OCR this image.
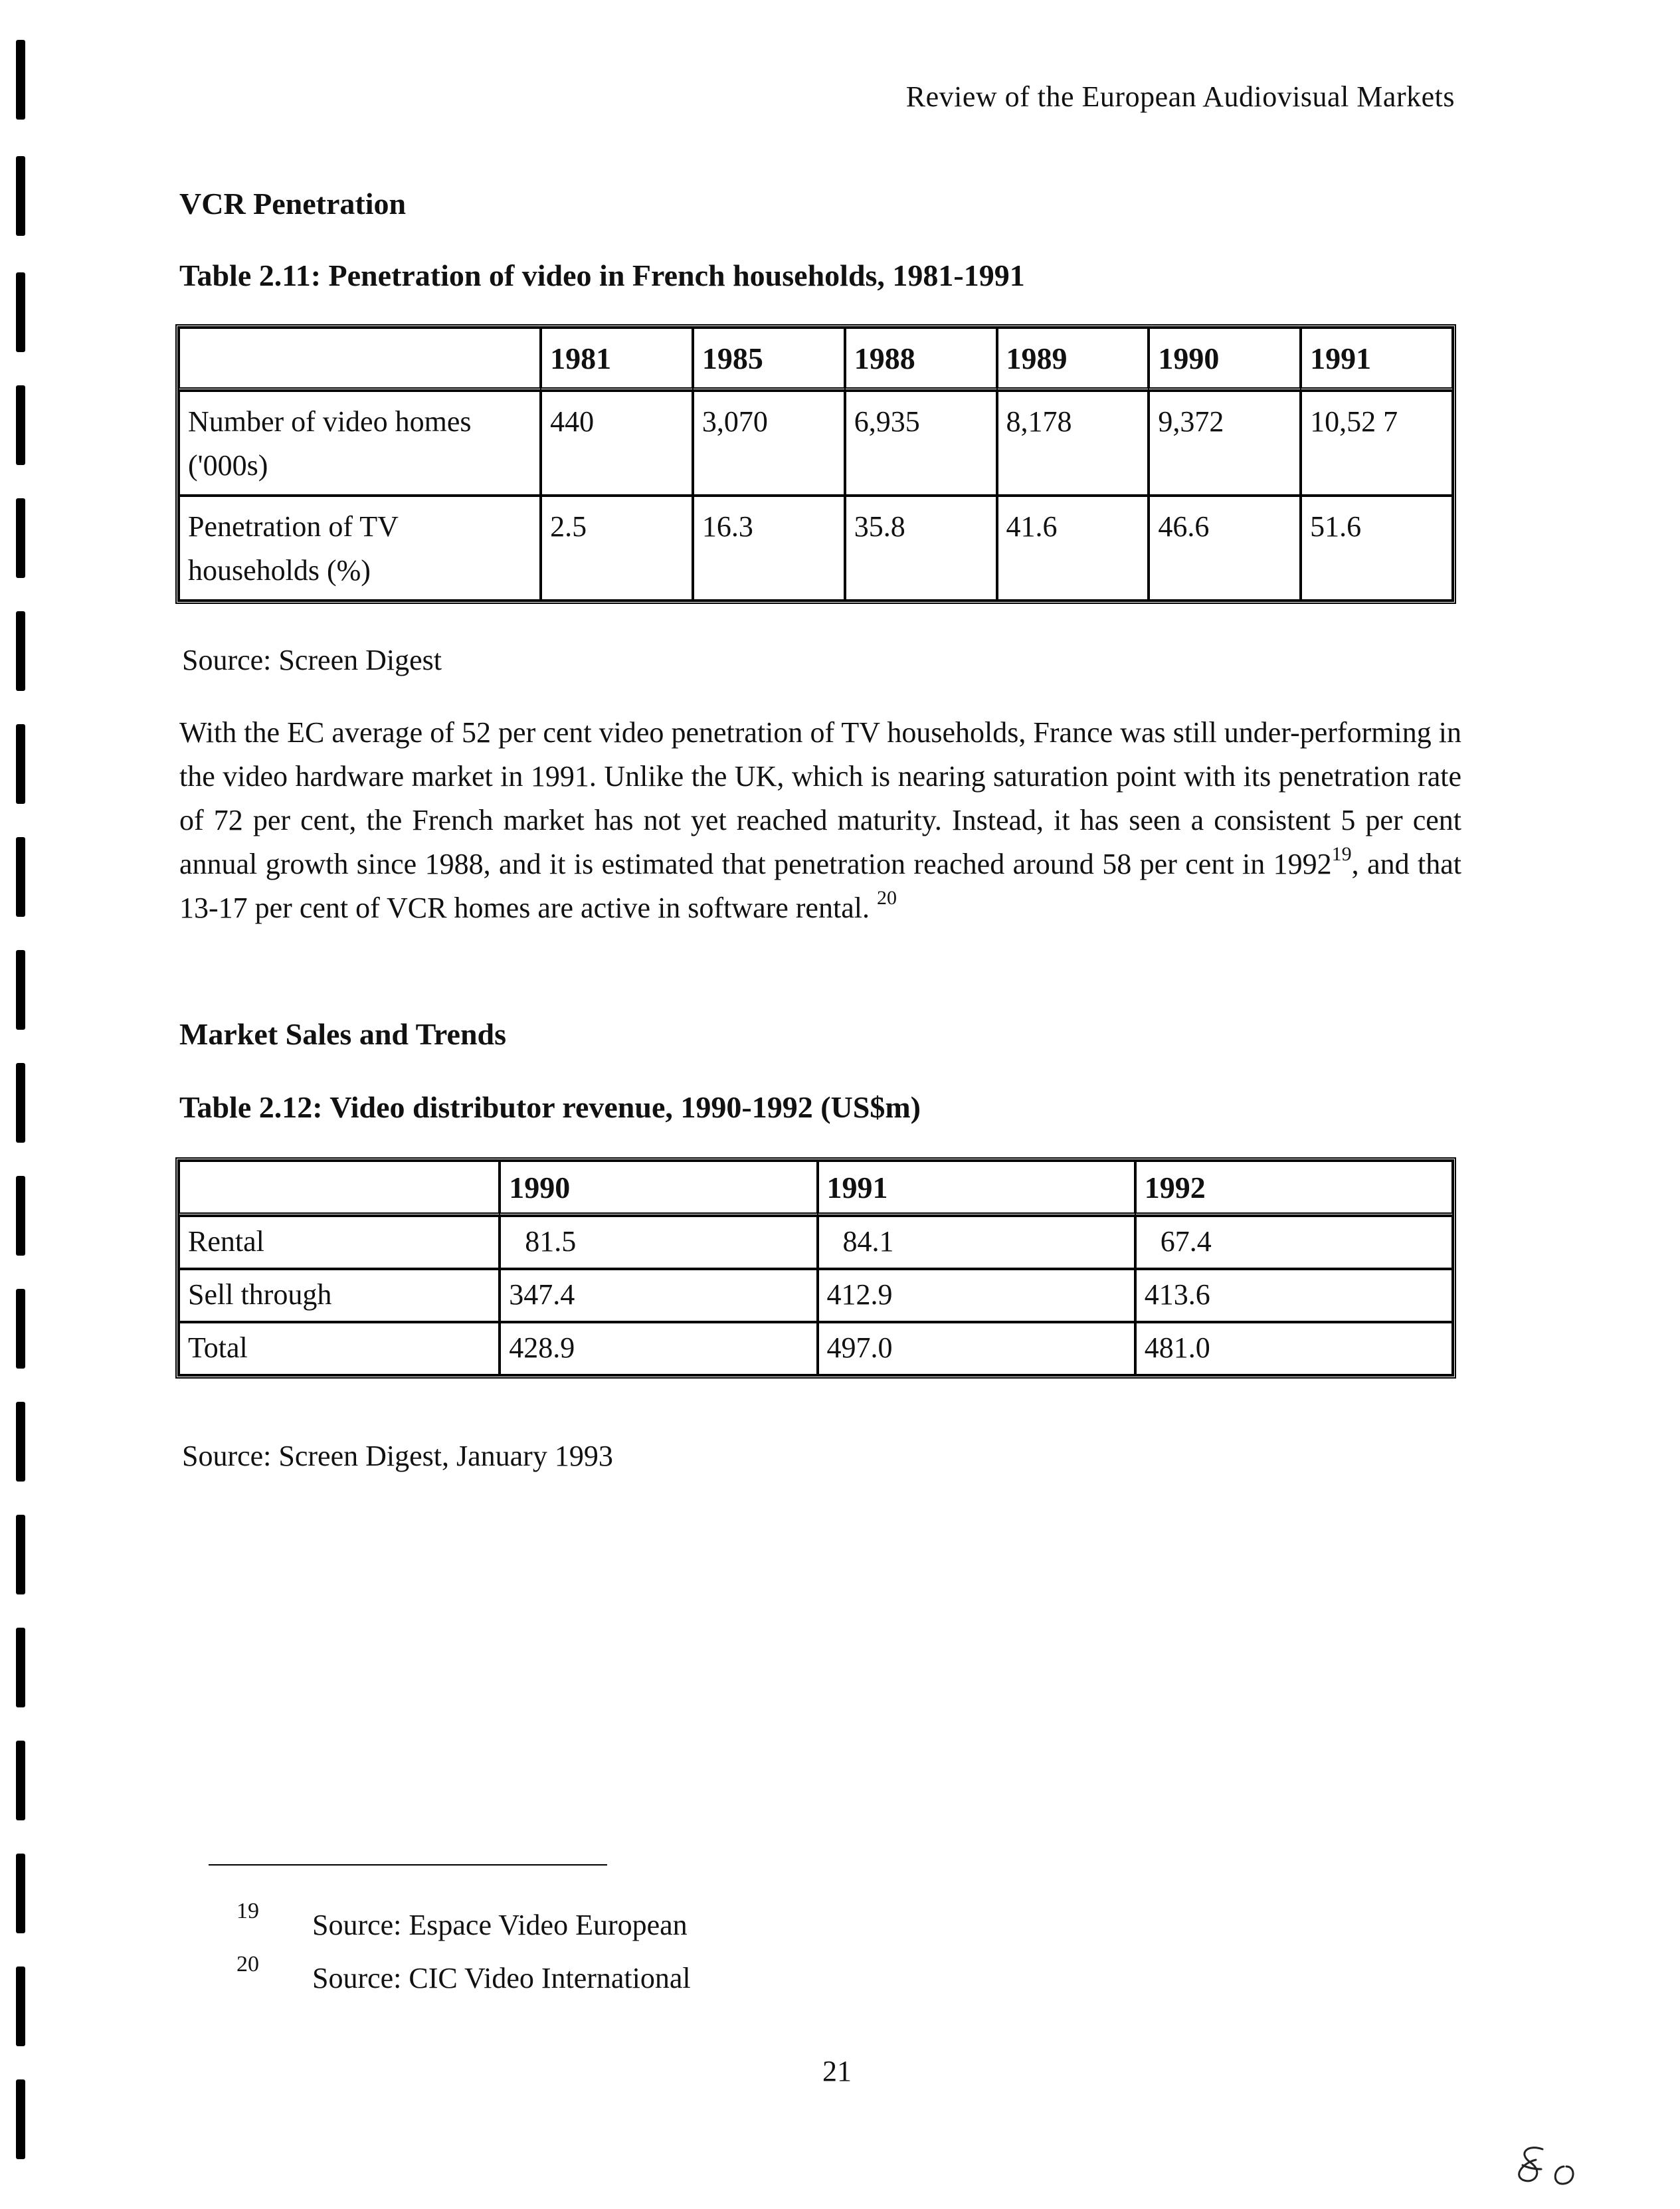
Review of the European Audiovisual Markets
VCR Penetration
Table 2.11: Penetration of video in French households, 1981-1991
	1981	1985	1988	1989	1990	1991
Number of video homes ('000s)	440	3,070	6,935	8,178	9,372	10,52 7
Penetration of TV households (%)	2.5	16.3	35.8	41.6	46.6	51.6
Source: Screen Digest
With the EC average of 52 per cent video penetration of TV households, France was still under-performing in the video hardware market in 1991. Unlike the UK, which is nearing saturation point with its penetration rate of 72 per cent, the French market has not yet reached maturity. Instead, it has seen a consistent 5 per cent annual growth since 1988, and it is estimated that penetration reached around 58 per cent in 1992$^{19}$, and that 13-17 per cent of VCR homes are active in software rental. $^{20}$
Market Sales and Trends
Table 2.12: Video distributor revenue, 1990-1992 (US$m)
	1990	1991	1992
Rental	81.5	84.1	67.4
Sell through	347.4	412.9	413.6
Total	428.9	497.0	481.0
Source: Screen Digest, January 1993
19 Source: Espace Video European
20 Source: CIC Video International
21
